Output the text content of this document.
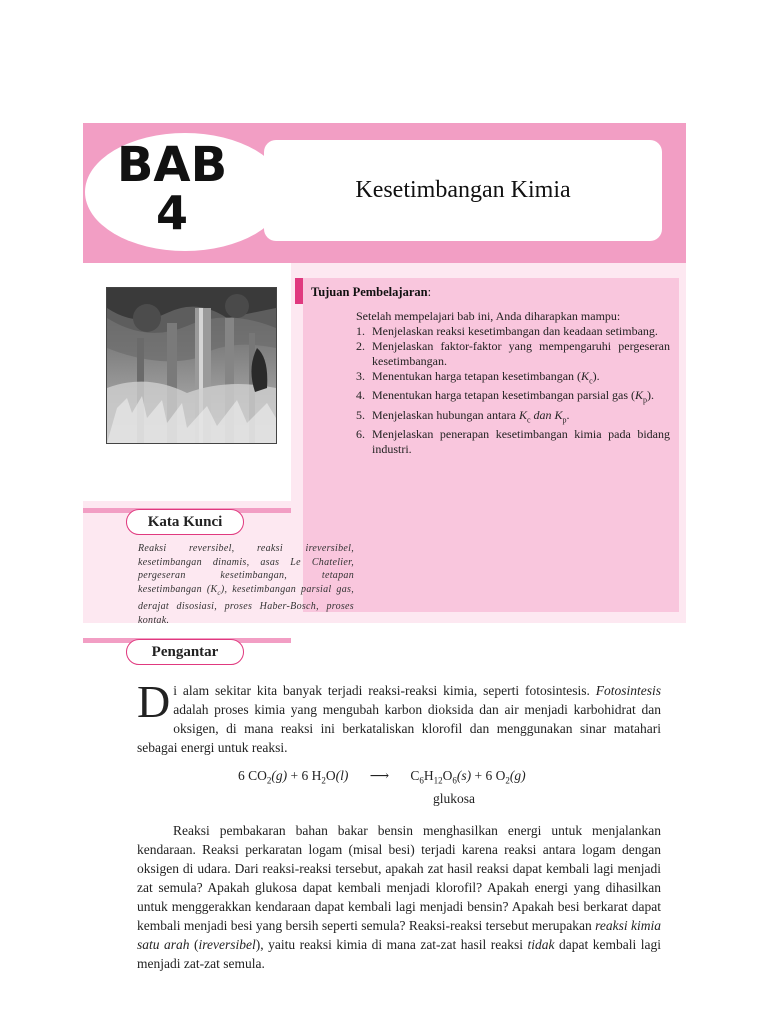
BAB
4	Kesetimbangan Kimia
Tujuan Pembelajaran:
Setelah mempelajari bab ini, Anda diharapkan mampu:
1. Menjelaskan reaksi kesetimbangan dan keadaan setimbang.
2. Menjelaskan faktor-faktor yang mempengaruhi pergeseran kesetimbangan.
3. Menentukan harga tetapan kesetimbangan $(K_c)$.
4. Menentukan harga tetapan kesetimbangan parsial gas $(K_p)$.
5. Menjelaskan hubungan antara $K_c$ dan $K_p$.
6. Menjelaskan penerapan kesetimbangan kimia pada bidang industri.
Kata Kunci
Reaksi reversibel, reaksi ireversibel, kesetimbangan dinamis, asas Le Chatelier, pergeseran kesetimbangan, tetapan kesetimbangan $(K_c)$, kesetimbangan parsial gas, derajat disosiasi, proses Haber-Bosch, proses kontak.
Pengantar
Di alam sekitar kita banyak terjadi reaksi-reaksi kimia, seperti fotosintesis. Fotosintesis adalah proses kimia yang mengubah karbon dioksida dan air menjadi karbohidrat dan oksigen, di mana reaksi ini berkataliskan klorofil dan menggunakan sinar matahari sebagai energi untuk reaksi.
6 $CO_2(g) + 6$ $H_2O(l)$ ⟶ $C_6H_{12}O_6(s) + 6$ $O_2(g)$
glukosa
Reaksi pembakaran bahan bakar bensin menghasilkan energi untuk menjalankan kendaraan. Reaksi perkaratan logam (misal besi) terjadi karena reaksi antara logam dengan oksigen di udara. Dari reaksi-reaksi tersebut, apakah zat hasil reaksi dapat kembali lagi menjadi zat semula? Apakah glukosa dapat kembali menjadi klorofil? Apakah energi yang dihasilkan untuk menggerakkan kendaraan dapat kembali lagi menjadi bensin? Apakah besi berkarat dapat kembali menjadi besi yang bersih seperti semula? Reaksi-reaksi tersebut merupakan reaksi kimia satu arah (ireversibel), yaitu reaksi kimia di mana zat-zat hasil reaksi tidak dapat kembali lagi menjadi zat-zat semula.
